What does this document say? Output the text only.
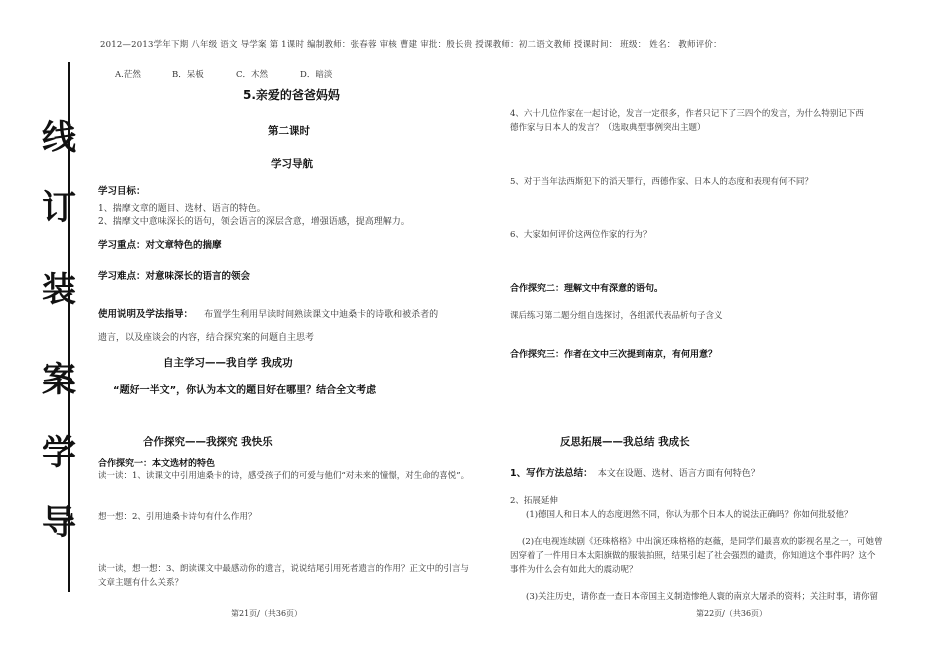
2012—2013学年下期 八年级 语文 导学案 第 1课时 编制教师：张春蓉 审核 曹建 审批：殷长贵 授课教师：初二语文教师 授课时间： 班级： 姓名： 教师评价：
线
订
装
案
学
导
A.茫然	B．呆板	C．木然	D．暗淡
5.亲爱的爸爸妈妈
第二课时
学习导航
学习目标：
1、揣摩文章的题目、选材、语言的特色。
2、揣摩文中意味深长的语句，领会语言的深层含意，增强语感，提高理解力。
学习重点：对文章特色的揣摩
学习难点：对意味深长的语言的领会
使用说明及学法指导： 布置学生利用早读时间熟读课文中迪桑卡的诗歌和被杀者的
遗言，以及座谈会的内容，结合探究案的问题自主思考
自主学习——我自学 我成功
“题好一半文”，你认为本文的题目好在哪里？结合全文考虑
合作探究——我探究 我快乐
合作探究一：本文选材的特色
读一读：1、读课文中引用迪桑卡的诗，感受孩子们的可爱与他们“对未来的憧憬，对生命的喜悦”。
想一想：2、引用迪桑卡诗句有什么作用？
读一读，想一想：3、朗读课文中最感动你的遗言，说说结尾引用死者遗言的作用？正文中的引言与
文章主题有什么关系？
第21页/（共36页）
4、六十几位作家在一起讨论，发言一定很多，作者只记下了三四个的发言，为什么特别记下西
德作家与日本人的发言？（选取典型事例突出主题）
5、对于当年法西斯犯下的滔天罪行，西德作家、日本人的态度和表现有何不同？
6、大家如何评价这两位作家的行为？
合作探究二：理解文中有深意的语句。
课后练习第二题分组自选探讨，各组派代表品析句子含义
合作探究三：作者在文中三次提到南京，有何用意？
反思拓展——我总结 我成长
1、写作方法总结： 本文在设题、选材、语言方面有何特色？
2、拓展延伸
(1)德国人和日本人的态度迥然不同，你认为那个日本人的说法正确吗？你如何批驳他？
(2)在电视连续剧《还珠格格》中出演还珠格格的赵薇，是同学们最喜欢的影视名星之一，可她曾
因穿着了一件用日本太阳旗做的服装拍照，结果引起了社会强烈的谴责，你知道这个事件吗？这个
事件为什么会有如此大的震动呢？
(3)关注历史，请你查一查日本帝国主义制造惨绝人寰的南京大屠杀的资料；关注时事，请你留
第22页/（共36页）
